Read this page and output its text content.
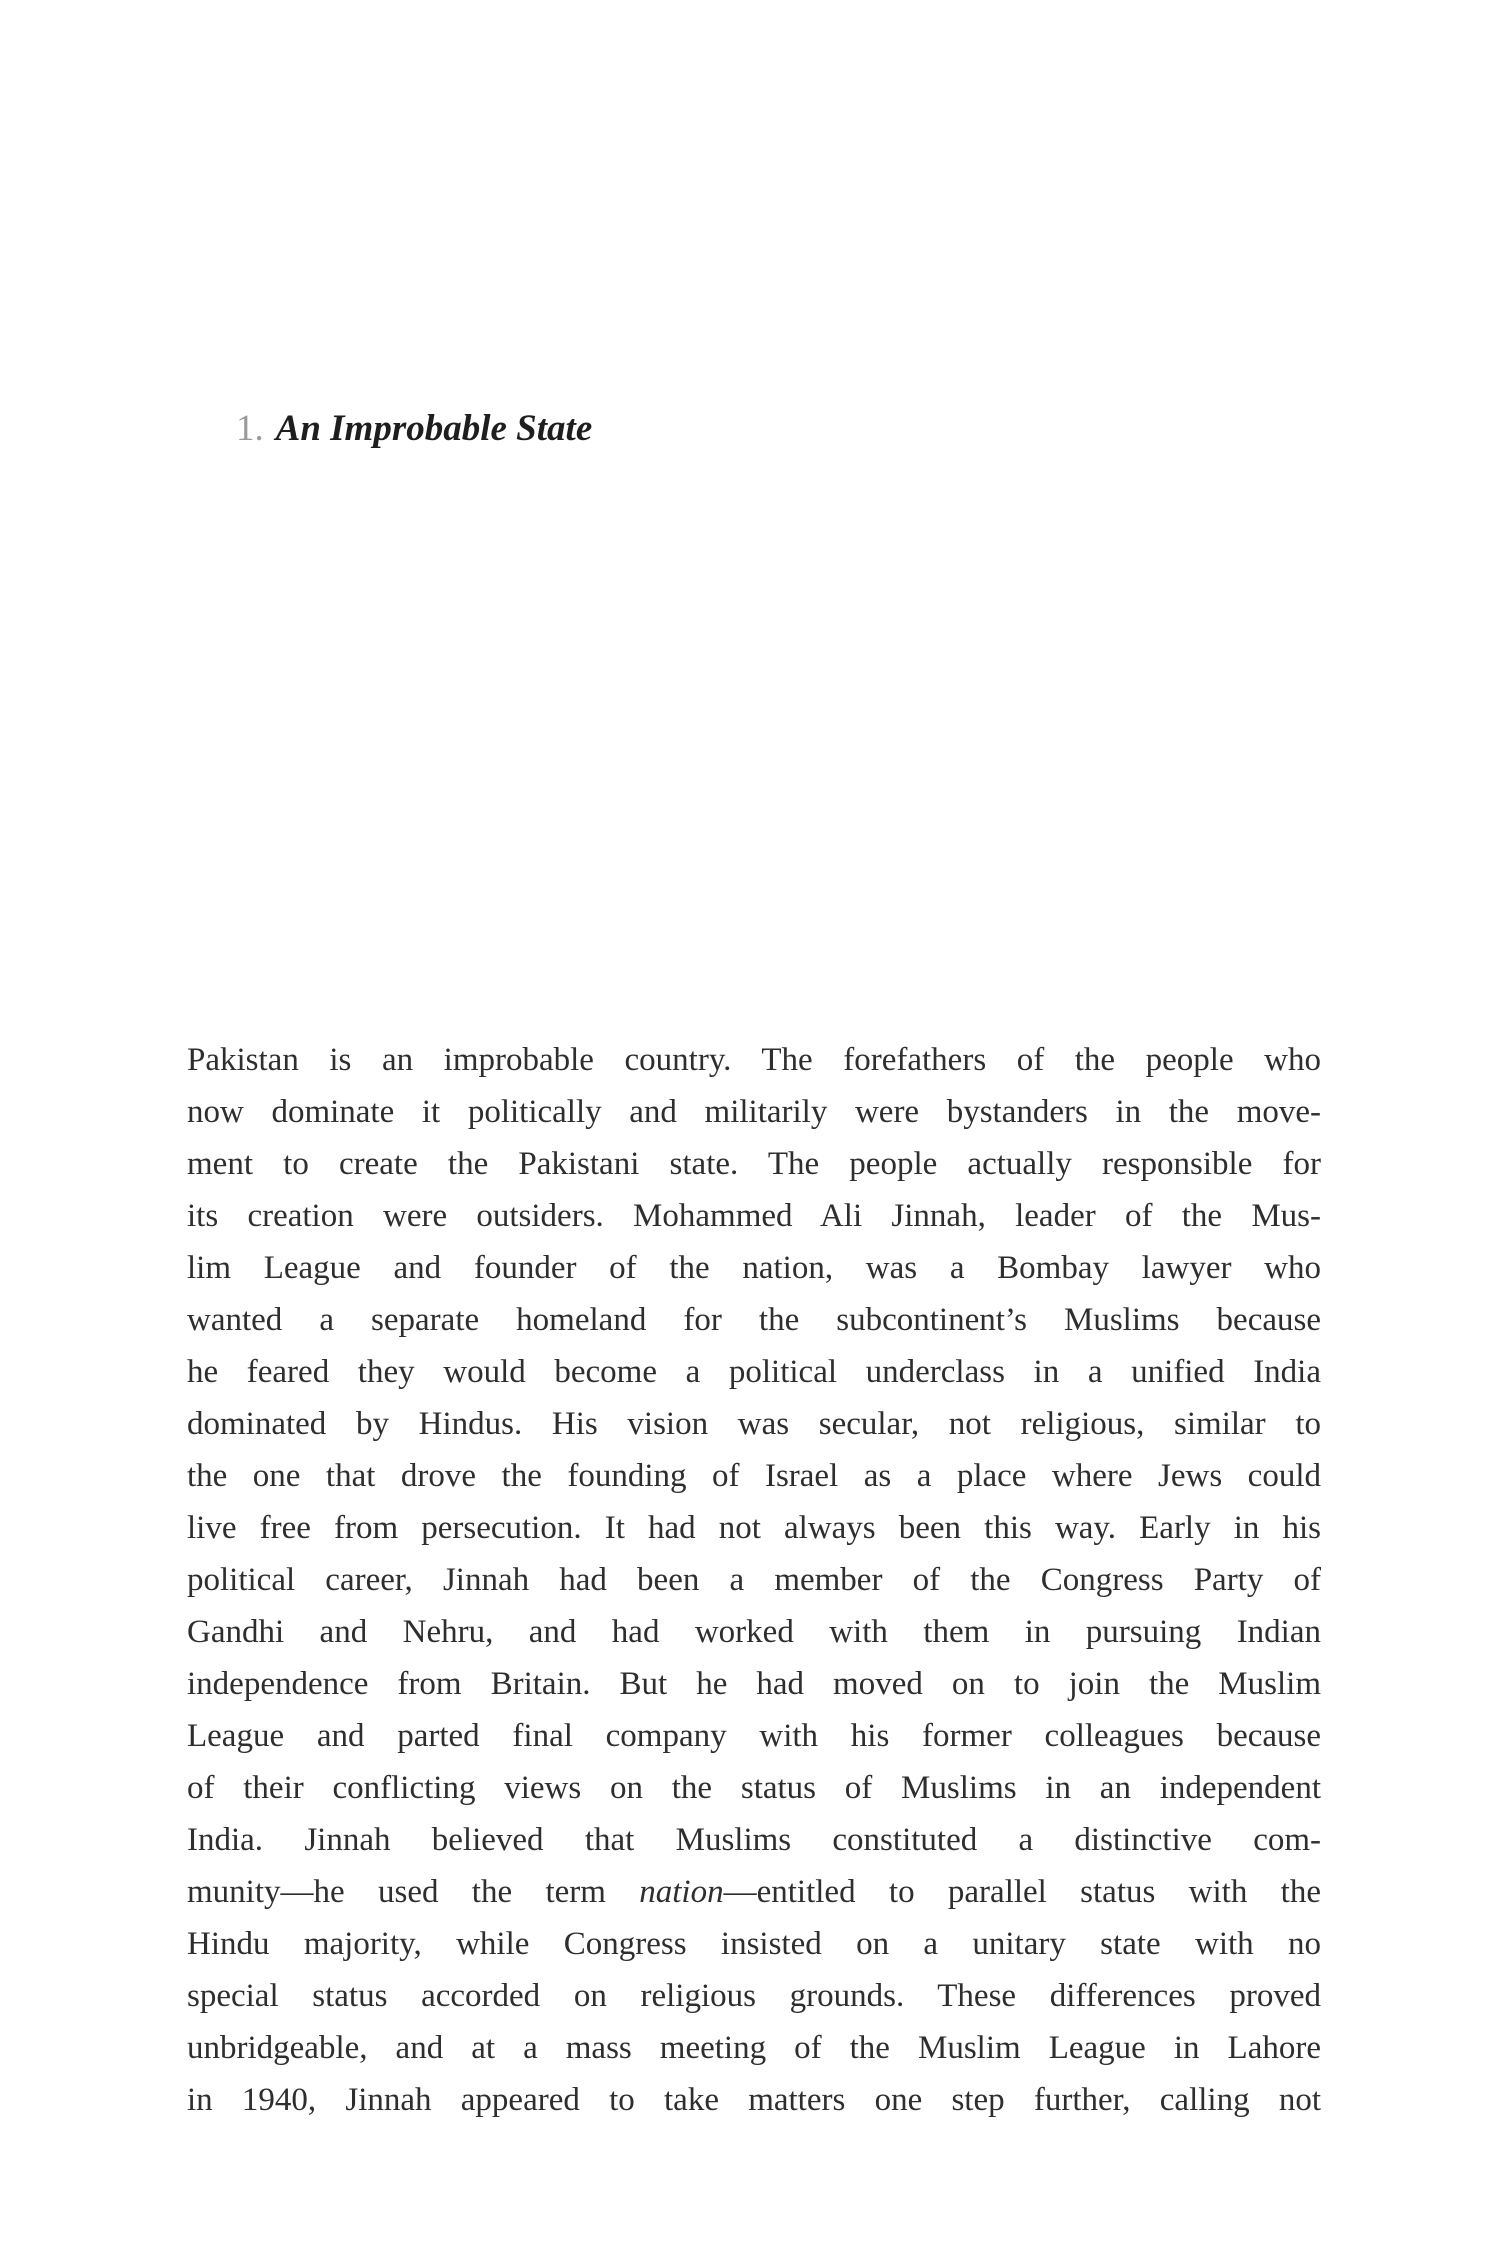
1. An Improbable State
Pakistan is an improbable country. The forefathers of the people who
now dominate it politically and militarily were bystanders in the move-
ment to create the Pakistani state. The people actually responsible for
its creation were outsiders. Mohammed Ali Jinnah, leader of the Mus-
lim League and founder of the nation, was a Bombay lawyer who
wanted a separate homeland for the subcontinent’s Muslims because
he feared they would become a political underclass in a unified India
dominated by Hindus. His vision was secular, not religious, similar to
the one that drove the founding of Israel as a place where Jews could
live free from persecution. It had not always been this way. Early in his
political career, Jinnah had been a member of the Congress Party of
Gandhi and Nehru, and had worked with them in pursuing Indian
independence from Britain. But he had moved on to join the Muslim
League and parted final company with his former colleagues because
of their conflicting views on the status of Muslims in an independent
India. Jinnah believed that Muslims constituted a distinctive com-
munity—he used the term nation—entitled to parallel status with the
Hindu majority, while Congress insisted on a unitary state with no
special status accorded on religious grounds. These differences proved
unbridgeable, and at a mass meeting of the Muslim League in Lahore
in 1940, Jinnah appeared to take matters one step further, calling not
